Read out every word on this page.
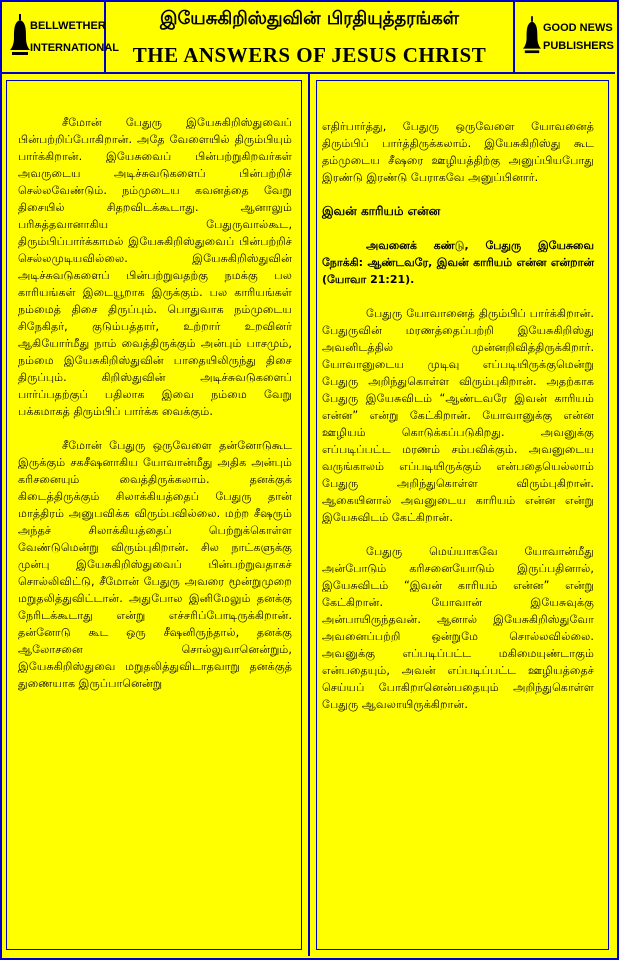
BELLWETHER
INTERNATIONAL
இயேசுகிறிஸ்துவின் பிரதியுத்தரங்கள்
THE ANSWERS OF JESUS CHRIST
GOOD NEWS
PUBLISHERS

சீமோன் பேதுரு இயேசுகிறிஸ்துவைப் பின்பற்றிப்போகிறான். அதே வேளையில் திரும்பியும் பார்க்கிறான். இயேசுவைப் பின்பற்றுகிறவர்கள் அவருடைய அடிச்சுவடுகளைப் பின்பற்றிச் செல்லவேண்டும். நம்முடைய கவனத்தை வேறு திசையில் சிதறவிடக்கூடாது. ஆனாலும் பரிசுத்தவானாகிய பேதுருவால்கூட, திரும்பிப்பார்க்காமல் இயேசுகிறிஸ்துவைப் பின்பற்றிச் செல்லமுடியவில்லை. இயேசுகிறிஸ்துவின் அடிச்சுவடுகளைப் பின்பற்றுவதற்கு நமக்கு பல காரியங்கள் இடையூறாக இருக்கும். பல காரியங்கள் நம்மைத் திசை திருப்பும். பொதுவாக நம்முடைய சிநேகிதர், குடும்பத்தார், உற்றார் உறவினர் ஆகியோர்மீது நாம் வைத்திருக்கும் அன்பும் பாசமும், நம்மை இயேசுகிறிஸ்துவின் பாதையிலிருந்து திசை திருப்பும். கிறிஸ்துவின் அடிச்சுவடுகளைப் பார்ப்பதற்குப் பதிலாக இவை நம்மை வேறு பக்கமாகத் திரும்பிப் பார்க்க வைக்கும்.

சீமோன் பேதுரு ஒருவேளை தன்னோடுகூட இருக்கும் சகசீஷனாகிய யோவான்மீது அதிக அன்பும் கரிசனையும் வைத்திருக்கலாம். தனக்குக் கிடைத்திருக்கும் சிலாக்கியத்தைப் பேதுரு தான் மாத்திரம் அனுபவிக்க விரும்பவில்லை. மற்ற சீஷரும் அந்தச் சிலாக்கியத்தைப் பெற்றுக்கொள்ள வேண்டுமென்று விரும்புகிறான். சில நாட்களுக்கு முன்பு இயேசுகிறிஸ்துவைப் பின்பற்றுவதாகச் சொல்லிவிட்டு, சீமோன் பேதுரு அவரை மூன்றுமுறை மறுதலித்துவிட்டான். அதுபோல இனிமேலும் தனக்கு நேரிடக்கூடாது என்று எச்சரிப்போடிருக்கிறான். தன்னோடு கூட ஒரு சீஷனிருந்தால், தனக்கு ஆலோசனை சொல்லுவானென்றும், இயேசுகிறிஸ்துவை மறுதலித்துவிடாதவாறு தனக்குத் துணையாக இருப்பானென்று

எதிர்பார்த்து, பேதுரு ஒருவேளை யோவனைத் திரும்பிப் பார்த்திருக்கலாம். இயேசுகிறிஸ்து கூட தம்முடைய சீஷரை ஊழியத்திற்கு அனுப்பியபோது இரண்டு இரண்டு பேராகவே அனுப்பினார்.

இவன் காரியம் என்ன

அவனைக் கண்டு, பேதுரு இயேசுவை நோக்கி: ஆண்டவரே, இவன் காரியம் என்ன என்றான் (யோவா 21:21).

பேதுரு யோவானைத் திரும்பிப் பார்க்கிறான். பேதுருவின் மரணத்தைப்பற்றி இயேசுகிறிஸ்து அவனிடத்தில் முன்னறிவித்திருக்கிறார். யோவானுடைய முடிவு எப்படியிருக்குமென்று பேதுரு அறிந்துகொள்ள விரும்புகிறான். அதற்காக பேதுரு இயேசுவிடம் “ஆண்டவரே இவன் காரியம் என்ன” என்று கேட்கிறான். யோவானுக்கு என்ன ஊழியம் கொடுக்கப்படுகிறது. அவனுக்கு எப்படிப்பட்ட மரணம் சம்பவிக்கும். அவனுடைய வருங்காலம் எப்படியிருக்கும் என்பதையெல்லாம் பேதுரு அறிந்துகொள்ள விரும்புகிறான். ஆகையினால் அவனுடைய காரியம் என்ன என்று இயேசுவிடம் கேட்கிறான்.

பேதுரு மெய்யாகவே யோவான்மீது அன்போடும் கரிசனையோடும் இருப்பதினால், இயேசுவிடம் “இவன் காரியம் என்ன” என்று கேட்கிறான். யோவான் இயேசுவுக்கு அன்பாயிருந்தவன். ஆனால் இயேசுகிறிஸ்துவோ அவனைப்பற்றி ஒன்றுமே சொல்லவில்லை. அவனுக்கு எப்படிப்பட்ட மகிமையுண்டாகும் என்பதையும், அவன் எப்படிப்பட்ட ஊழியத்தைச் செய்யப் போகிறானென்பதையும் அறிந்துகொள்ள பேதுரு ஆவலாயிருக்கிறான்.
